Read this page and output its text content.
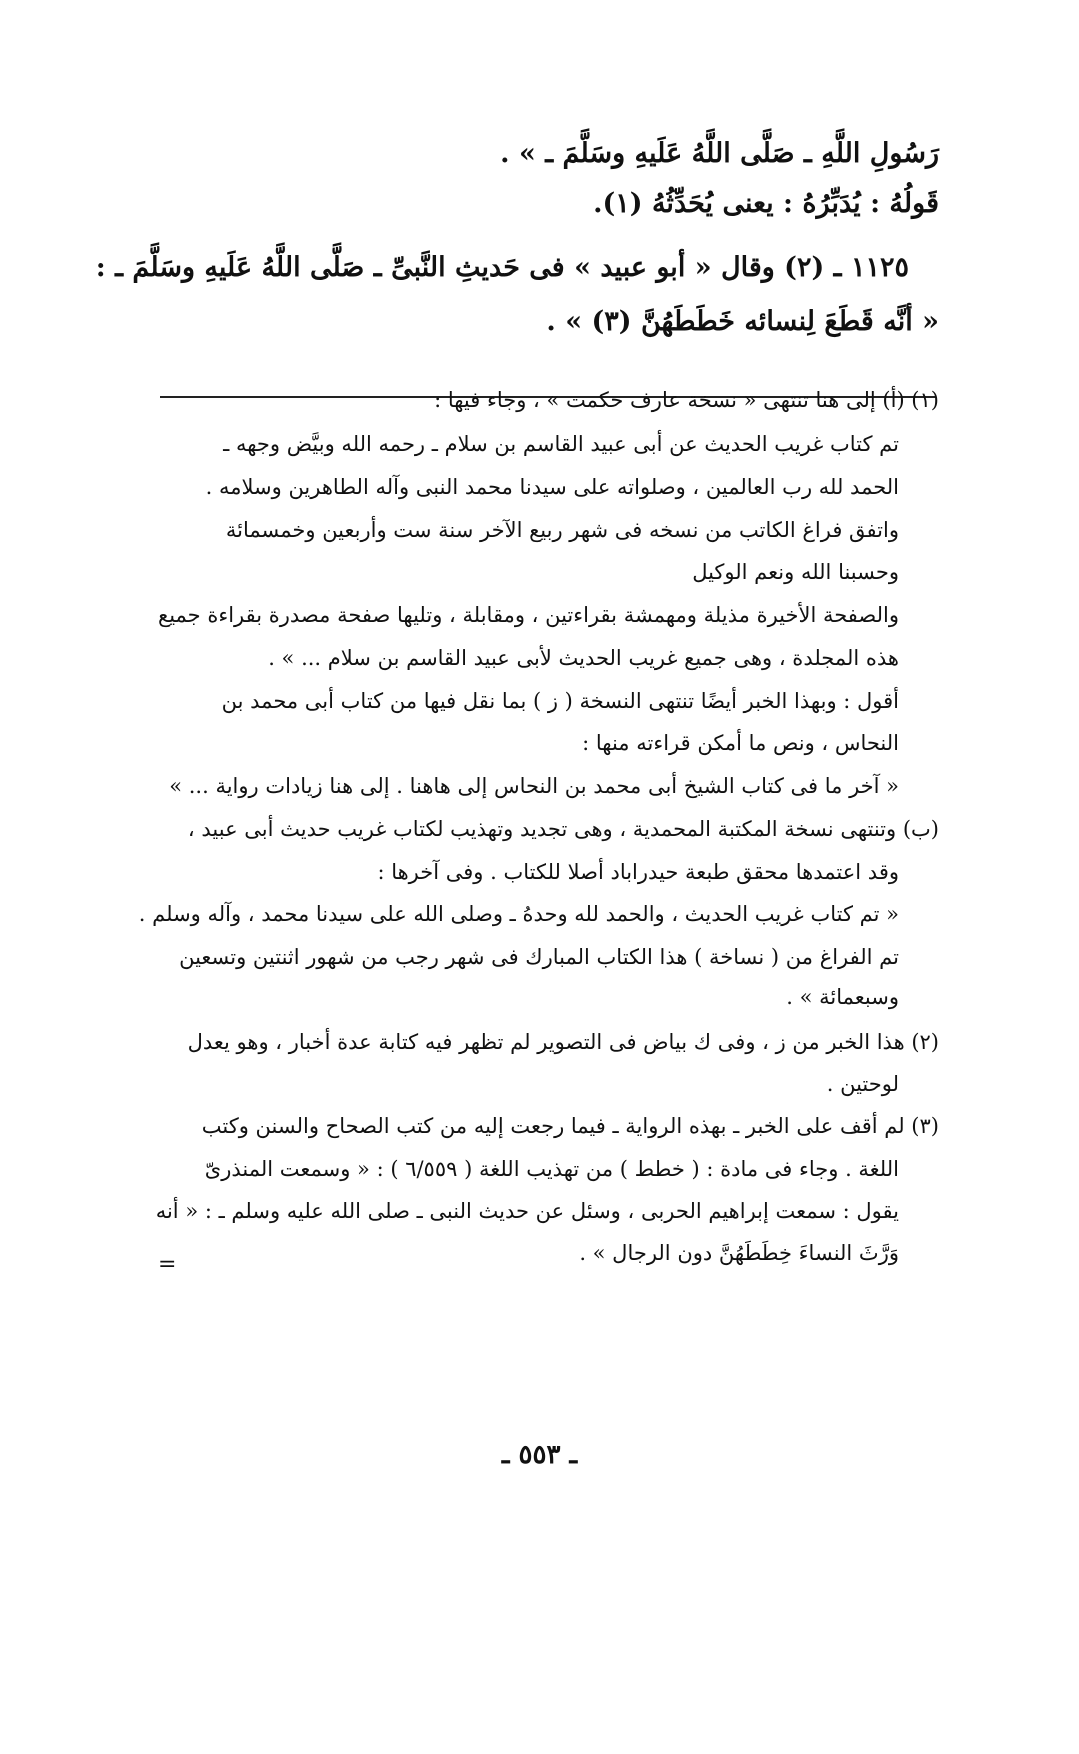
رَسُولِ اللَّهِ ـ صَلَّى اللَّهُ عَلَيهِ وسَلَّمَ ـ » .
قَولُهُ : يُدَبِّرُهُ : يعنى يُحَدِّثُهُ (١).
١١٢٥ ـ (٢) وقال « أبو عبيد » فى حَديثِ النَّبىِّ ـ صَلَّى اللَّهُ عَلَيهِ وسَلَّمَ ـ :
« أنَّه قَطَعَ لِنسائه خَطَطَهُنَّ (٣) » .
(١) (أ) إلى هنا تنتهى « نسخة عارف حكمت » ، وجاء فيها :
تم كتاب غريب الحديث عن أبى عبيد القاسم بن سلام ـ رحمه الله وبيَّض وجهه ـ
الحمد لله رب العالمين ، وصلواته على سيدنا محمد النبى وآله الطاهرين وسلامه .
واتفق فراغ الكاتب من نسخه فى شهر ربيع الآخر سنة ست وأربعين وخمسمائة
وحسبنا الله ونعم الوكيل
والصفحة الأخيرة مذيلة ومهمشة بقراءتين ، ومقابلة ، وتليها صفحة مصدرة بقراءة جميع
هذه المجلدة ، وهى جميع غريب الحديث لأبى عبيد القاسم بن سلام ... » .
أقول : وبهذا الخبر أيضًا تنتهى النسخة ( ز ) بما نقل فيها من كتاب أبى محمد بن
النحاس ، ونص ما أمكن قراءته منها :
« آخر ما فى كتاب الشيخ أبى محمد بن النحاس إلى هاهنا . إلى هنا زيادات رواية ... »
(ب) وتنتهى نسخة المكتبة المحمدية ، وهى تجديد وتهذيب لكتاب غريب حديث أبى عبيد ،
وقد اعتمدها محقق طبعة حيدراباد أصلا للكتاب . وفى آخرها :
« تم كتاب غريب الحديث ، والحمد لله وحدهُ ـ وصلى الله على سيدنا محمد ، وآله وسلم .
تم الفراغ من ( نساخة ) هذا الكتاب المبارك فى شهر رجب من شهور اثنتين وتسعين
وسبعمائة » .
(٢) هذا الخبر من ز ، وفى ك بياض فى التصوير لم تظهر فيه كتابة عدة أخبار ، وهو يعدل
لوحتين .
(٣) لم أقف على الخبر ـ بهذه الرواية ـ فيما رجعت إليه من كتب الصحاح والسنن وكتب
اللغة . وجاء فى مادة : ( خطط ) من تهذيب اللغة ( ٦/٥٥٩ ) : « وسمعت المنذرىّ
يقول : سمعت إبراهيم الحربى ، وسئل عن حديث النبى ـ صلى الله عليه وسلم ـ : « أنه
وَرَّثَ النساءَ خِطَطَهُنَّ دون الرجال » .
=
ـ ٥٥٣ ـ
